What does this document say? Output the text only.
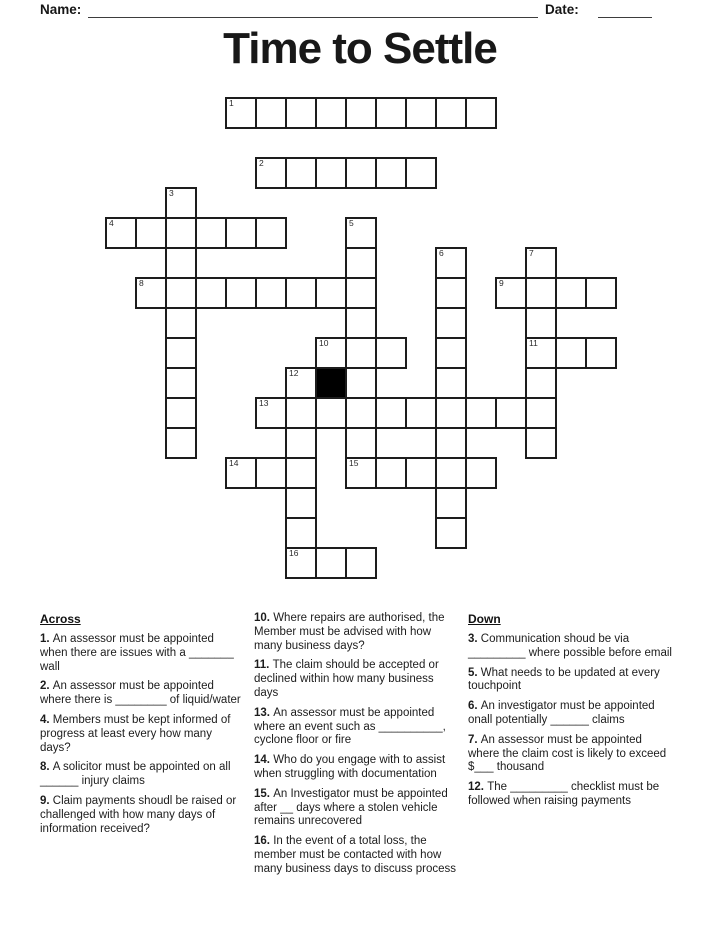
Name:	Date:
Time to Settle
1
2
3
4	5
15
6	7
11
8	9
10
12
16
13
14
Across

1. An assessor must be appointed when there are issues with a _______ wall

2. An assessor must be appointed where there is ________ of liquid/water

4. Members must be kept informed of progress at least every how many days?

8. A solicitor must be appointed on all ______ injury claims

9. Claim payments shoudl be raised or challenged with how many days of information received?

10. Where repairs are authorised, the Member must be advised with how many business days?

11. The claim should be accepted or declined within how many business days

13. An assessor must be appointed where an event such as __________, cyclone floor or fire

14. Who do you engage with to assist when struggling with documentation

15. An Investigator must be appointed after __ days where a stolen vehicle remains unrecovered

16. In the event of a total loss, the member must be contacted with how many business days to discuss process

Down

3. Communication shoud be via _________ where possible before email

5. What needs to be updated at every touchpoint

6. An investigator must be appointed onall potentially ______ claims

7. An assessor must be appointed where the claim cost is likely to exceed $___ thousand

12. The _________ checklist must be followed when raising payments
